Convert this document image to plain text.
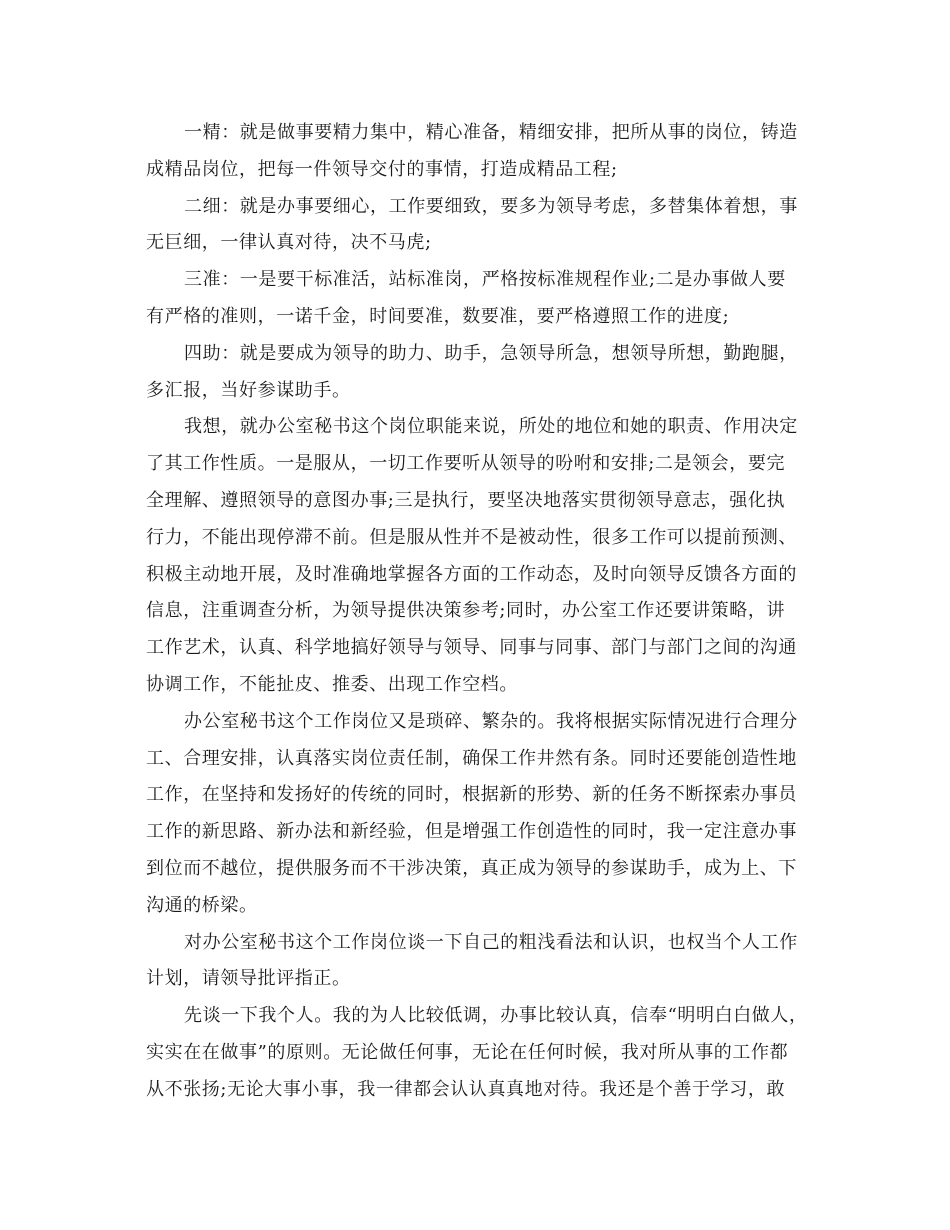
一精：就是做事要精力集中，精心准备，精细安排，把所从事的岗位，铸造
成精品岗位，把每一件领导交付的事情，打造成精品工程;
二细：就是办事要细心，工作要细致，要多为领导考虑，多替集体着想，事
无巨细，一律认真对待，决不马虎;
三准：一是要干标准活，站标准岗，严格按标准规程作业;二是办事做人要
有严格的准则，一诺千金，时间要准，数要准，要严格遵照工作的进度;
四助：就是要成为领导的助力、助手，急领导所急，想领导所想，勤跑腿，
多汇报，当好参谋助手。
我想，就办公室秘书这个岗位职能来说，所处的地位和她的职责、作用决定
了其工作性质。一是服从，一切工作要听从领导的吩咐和安排;二是领会，要完
全理解、遵照领导的意图办事;三是执行，要坚决地落实贯彻领导意志，强化执
行力，不能出现停滞不前。但是服从性并不是被动性，很多工作可以提前预测、
积极主动地开展，及时准确地掌握各方面的工作动态，及时向领导反馈各方面的
信息，注重调查分析，为领导提供决策参考;同时，办公室工作还要讲策略，讲
工作艺术，认真、科学地搞好领导与领导、同事与同事、部门与部门之间的沟通
协调工作，不能扯皮、推委、出现工作空档。
办公室秘书这个工作岗位又是琐碎、繁杂的。我将根据实际情况进行合理分
工、合理安排，认真落实岗位责任制，确保工作井然有条。同时还要能创造性地
工作，在坚持和发扬好的传统的同时，根据新的形势、新的任务不断探索办事员
工作的新思路、新办法和新经验，但是增强工作创造性的同时，我一定注意办事
到位而不越位，提供服务而不干涉决策，真正成为领导的参谋助手，成为上、下
沟通的桥梁。
对办公室秘书这个工作岗位谈一下自己的粗浅看法和认识，也权当个人工作
计划，请领导批评指正。
先谈一下我个人。我的为人比较低调，办事比较认真，信奉“明明白白做人，
实实在在做事”的原则。无论做任何事，无论在任何时候，我对所从事的工作都
从不张扬;无论大事小事，我一律都会认认真真地对待。我还是个善于学习，敢
